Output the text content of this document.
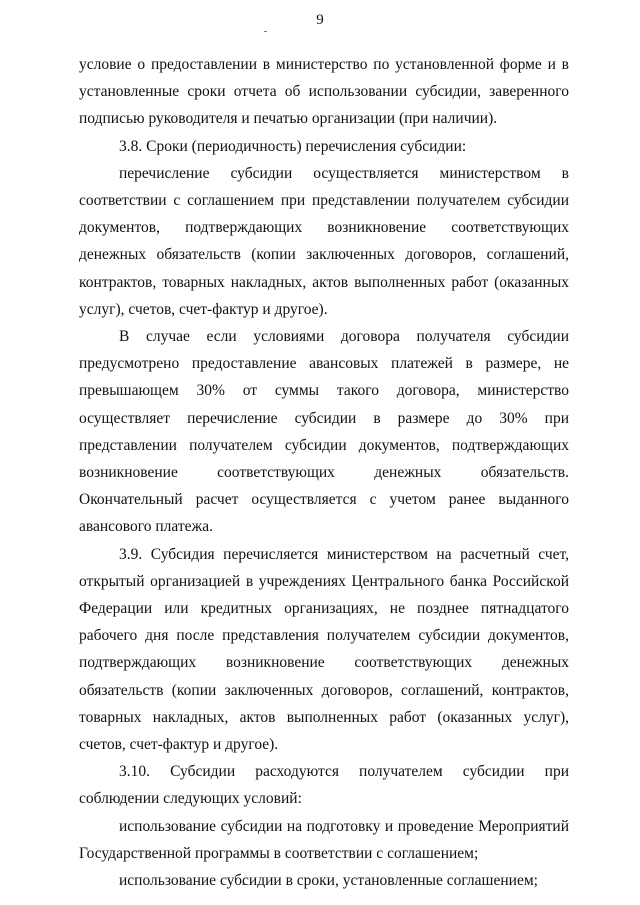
9

условие о предоставлении в министерство по установленной форме и в установленные сроки отчета об использовании субсидии, заверенного подписью руководителя и печатью организации (при наличии).

3.8. Сроки (периодичность) перечисления субсидии:

перечисление субсидии осуществляется министерством в соответствии с соглашением при представлении получателем субсидии документов, подтверждающих возникновение соответствующих денежных обязательств (копии заключенных договоров, соглашений, контрактов, товарных накладных, актов выполненных работ (оказанных услуг), счетов, счет-фактур и другое).

В случае если условиями договора получателя субсидии предусмотрено предоставление авансовых платежей в размере, не превышающем 30% от суммы такого договора, министерство осуществляет перечисление субсидии в размере до 30% при представлении получателем субсидии документов, подтверждающих возникновение соответствующих денежных обязательств. Окончательный расчет осуществляется с учетом ранее выданного авансового платежа.

3.9. Субсидия перечисляется министерством на расчетный счет, открытый организацией в учреждениях Центрального банка Российской Федерации или кредитных организациях, не позднее пятнадцатого рабочего дня после представления получателем субсидии документов, подтверждающих возникновение соответствующих денежных обязательств (копии заключенных договоров, соглашений, контрактов, товарных накладных, актов выполненных работ (оказанных услуг), счетов, счет-фактур и другое).

3.10. Субсидии расходуются получателем субсидии при соблюдении следующих условий:

использование субсидии на подготовку и проведение Мероприятий Государственной программы в соответствии с соглашением;

использование субсидии в сроки, установленные соглашением;
